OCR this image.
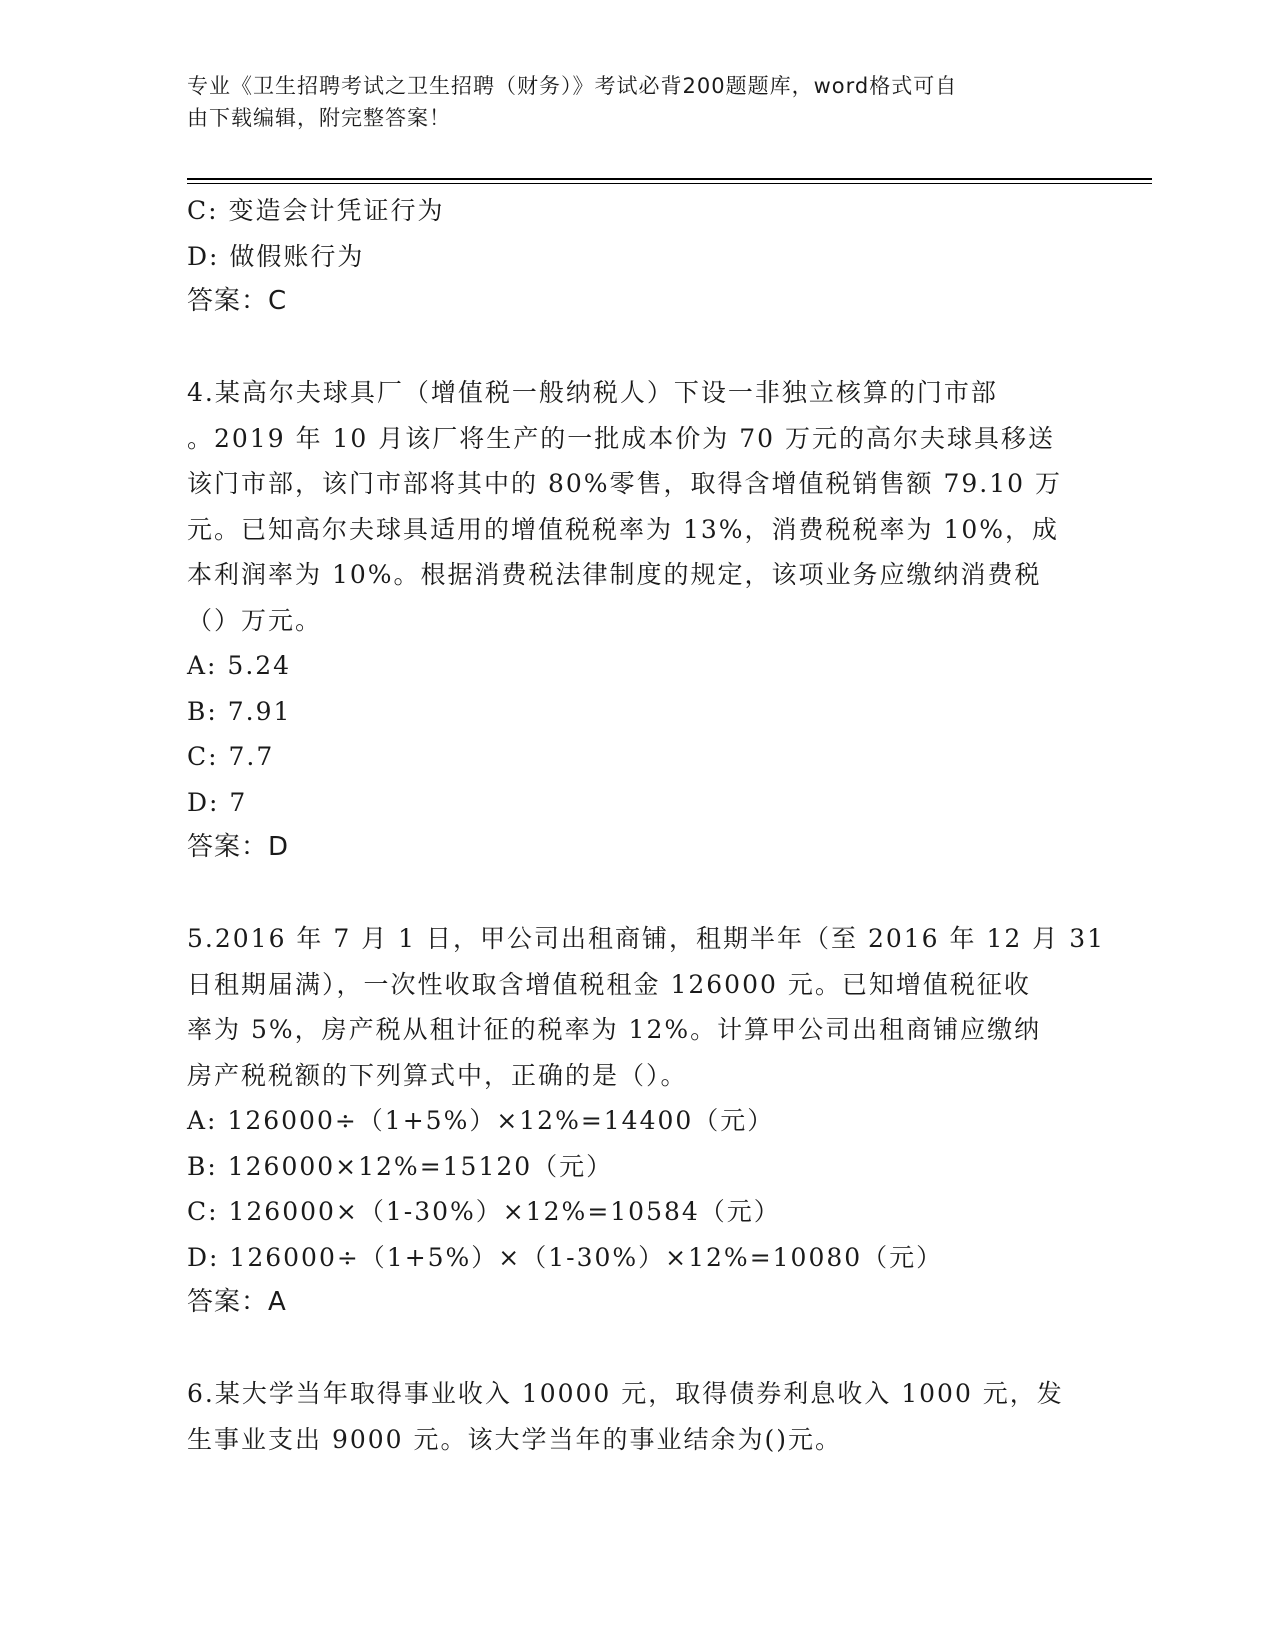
专业《卫生招聘考试之卫生招聘（财务）》考试必背200题题库，word格式可自
由下载编辑，附完整答案！
C: 变造会计凭证行为
D: 做假账行为
答案：C
4.某高尔夫球具厂（增值税一般纳税人）下设一非独立核算的门市部
。2019 年 10 月该厂将生产的一批成本价为 70 万元的高尔夫球具移送
该门市部，该门市部将其中的 80%零售，取得含增值税销售额 79.10 万
元。已知高尔夫球具适用的增值税税率为 13%，消费税税率为 10%，成
本利润率为 10%。根据消费税法律制度的规定，该项业务应缴纳消费税
（）万元。
A: 5.24
B: 7.91
C: 7.7
D: 7
答案：D
5.2016 年 7 月 1 日，甲公司出租商铺，租期半年（至 2016 年 12 月 31
日租期届满），一次性收取含增值税租金 126000 元。已知增值税征收
率为 5%，房产税从租计征的税率为 12%。计算甲公司出租商铺应缴纳
房产税税额的下列算式中，正确的是（）。
A: 126000÷（1+5%）×12%=14400（元）
B: 126000×12%=15120（元）
C: 126000×（1-30%）×12%=10584（元）
D: 126000÷（1+5%）×（1-30%）×12%=10080（元）
答案：A
6.某大学当年取得事业收入 10000 元，取得债券利息收入 1000 元，发
生事业支出 9000 元。该大学当年的事业结余为()元。
